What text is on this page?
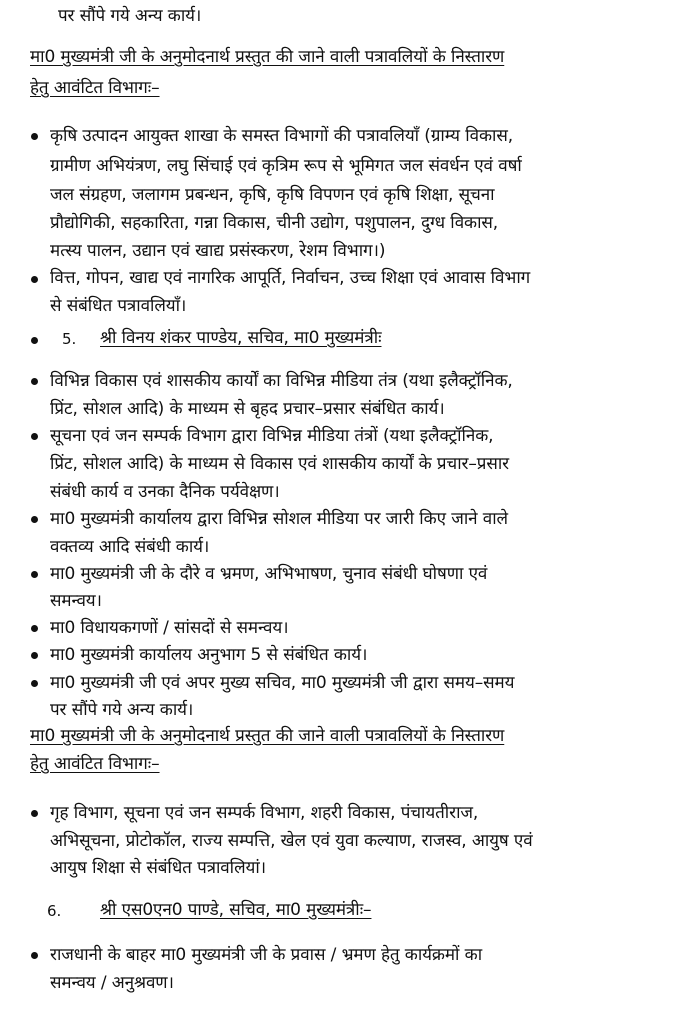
पर सौंपे गये अन्य कार्य।
मा0 मुख्यमंत्री जी के अनुमोदनार्थ प्रस्तुत की जाने वाली पत्रावलियों के निस्तारण
हेतु आवंटित विभागः–
कृषि उत्पादन आयुक्त शाखा के समस्त विभागों की पत्रावलियाँ (ग्राम्य विकास,
ग्रामीण अभियंत्रण, लघु सिंचाई एवं कृत्रिम रूप से भूमिगत जल संवर्धन एवं वर्षा
जल संग्रहण, जलागम प्रबन्धन, कृषि, कृषि विपणन एवं कृषि शिक्षा, सूचना
प्रौद्योगिकी, सहकारिता, गन्ना विकास, चीनी उद्योग, पशुपालन, दुग्ध विकास,
मत्स्य पालन, उद्यान एवं खाद्य प्रसंस्करण, रेशम विभाग।)
वित्त, गोपन, खाद्य एवं नागरिक आपूर्ति, निर्वाचन, उच्च शिक्षा एवं आवास विभाग
से संबंधित पत्रावलियाँ।
5. श्री विनय शंकर पाण्डेय, सचिव, मा0 मुख्यमंत्रीः
विभिन्न विकास एवं शासकीय कार्यों का विभिन्न मीडिया तंत्र (यथा इलैक्ट्रॉनिक,
प्रिंट, सोशल आदि) के माध्यम से बृहद प्रचार–प्रसार संबंधित कार्य।
सूचना एवं जन सम्पर्क विभाग द्वारा विभिन्न मीडिया तंत्रों (यथा इलैक्ट्रॉनिक,
प्रिंट, सोशल आदि) के माध्यम से विकास एवं शासकीय कार्यों के प्रचार–प्रसार
संबंधी कार्य व उनका दैनिक पर्यवेक्षण।
मा0 मुख्यमंत्री कार्यालय द्वारा विभिन्न सोशल मीडिया पर जारी किए जाने वाले
वक्तव्य आदि संबंधी कार्य।
मा0 मुख्यमंत्री जी के दौरे व भ्रमण, अभिभाषण, चुनाव संबंधी घोषणा एवं
समन्वय।
मा0 विधायकगणों / सांसदों से समन्वय।
मा0 मुख्यमंत्री कार्यालय अनुभाग 5 से संबंधित कार्य।
मा0 मुख्यमंत्री जी एवं अपर मुख्य सचिव, मा0 मुख्यमंत्री जी द्वारा समय–समय
पर सौंपे गये अन्य कार्य।
मा0 मुख्यमंत्री जी के अनुमोदनार्थ प्रस्तुत की जाने वाली पत्रावलियों के निस्तारण
हेतु आवंटित विभागः–
गृह विभाग, सूचना एवं जन सम्पर्क विभाग, शहरी विकास, पंचायतीराज,
अभिसूचना, प्रोटोकॉल, राज्य सम्पत्ति, खेल एवं युवा कल्याण, राजस्व, आयुष एवं
आयुष शिक्षा से संबंधित पत्रावलियां।
6. श्री एस0एन0 पाण्डे, सचिव, मा0 मुख्यमंत्रीः–
राजधानी के बाहर मा0 मुख्यमंत्री जी के प्रवास / भ्रमण हेतु कार्यक्रमों का
समन्वय / अनुश्रवण।
